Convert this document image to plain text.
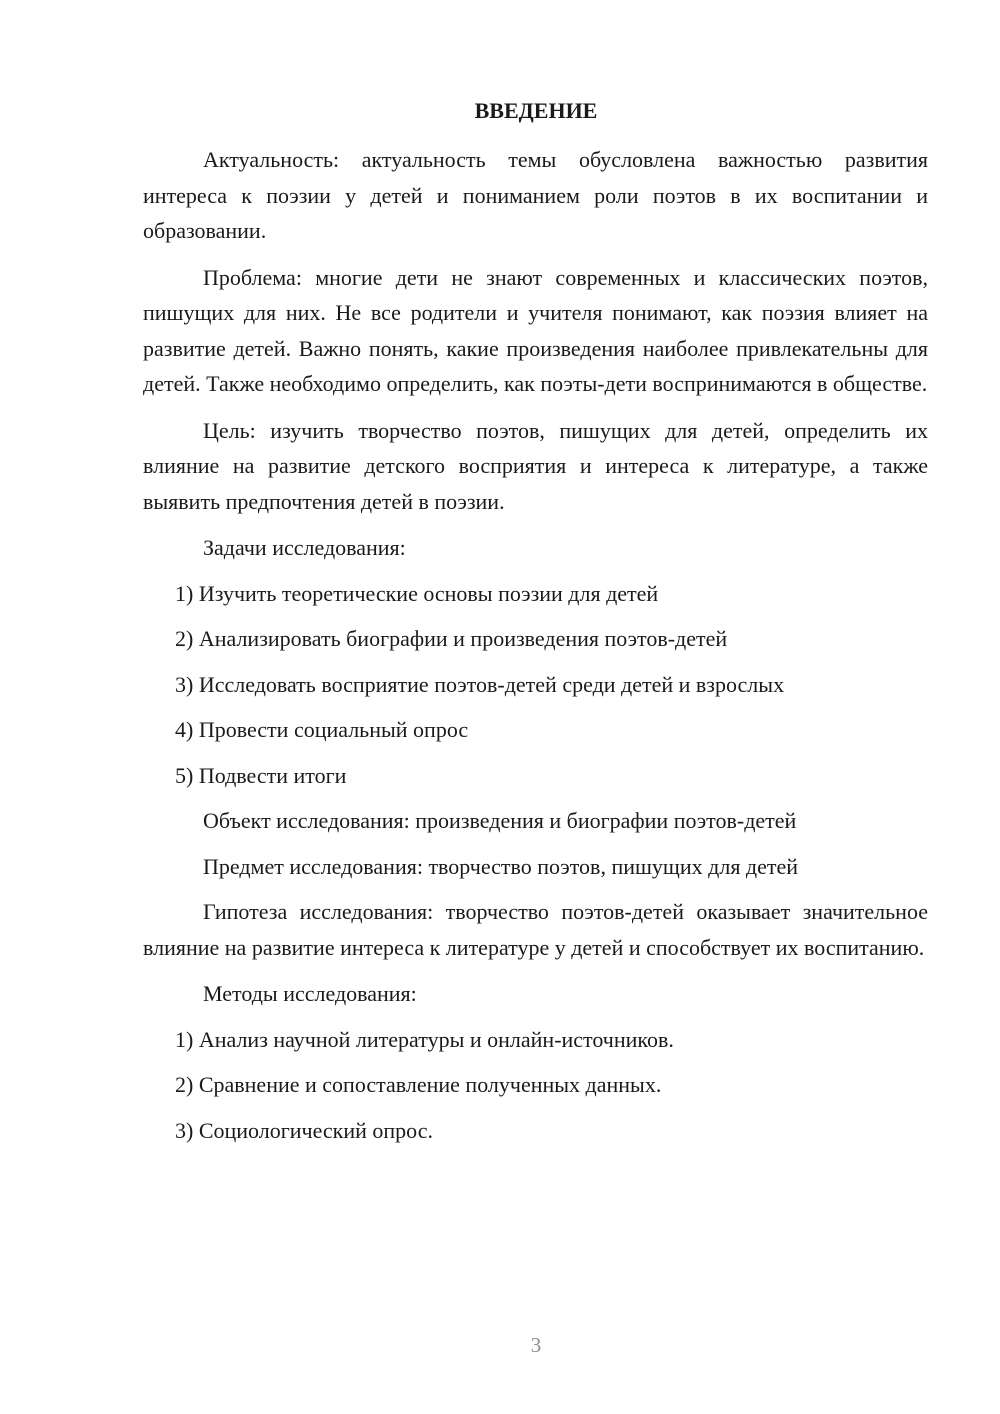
ВВЕДЕНИЕ

Актуальность: актуальность темы обусловлена важностью развития интереса к поэзии у детей и пониманием роли поэтов в их воспитании и образовании.

Проблема: многие дети не знают современных и классических поэтов, пишущих для них. Не все родители и учителя понимают, как поэзия влияет на развитие детей. Важно понять, какие произведения наиболее привлекательны для детей. Также необходимо определить, как поэты-дети воспринимаются в обществе.

Цель: изучить творчество поэтов, пишущих для детей, определить их влияние на развитие детского восприятия и интереса к литературе, а также выявить предпочтения детей в поэзии.

Задачи исследования:
1) Изучить теоретические основы поэзии для детей
2) Анализировать биографии и произведения поэтов-детей
3) Исследовать восприятие поэтов-детей среди детей и взрослых
4) Провести социальный опрос
5) Подвести итоги
Объект исследования: произведения и биографии поэтов-детей
Предмет исследования: творчество поэтов, пишущих для детей

Гипотеза исследования: творчество поэтов-детей оказывает значительное влияние на развитие интереса к литературе у детей и способствует их воспитанию.

Методы исследования:
1) Анализ научной литературы и онлайн-источников.
2) Сравнение и сопоставление полученных данных.
3) Социологический опрос.
3
